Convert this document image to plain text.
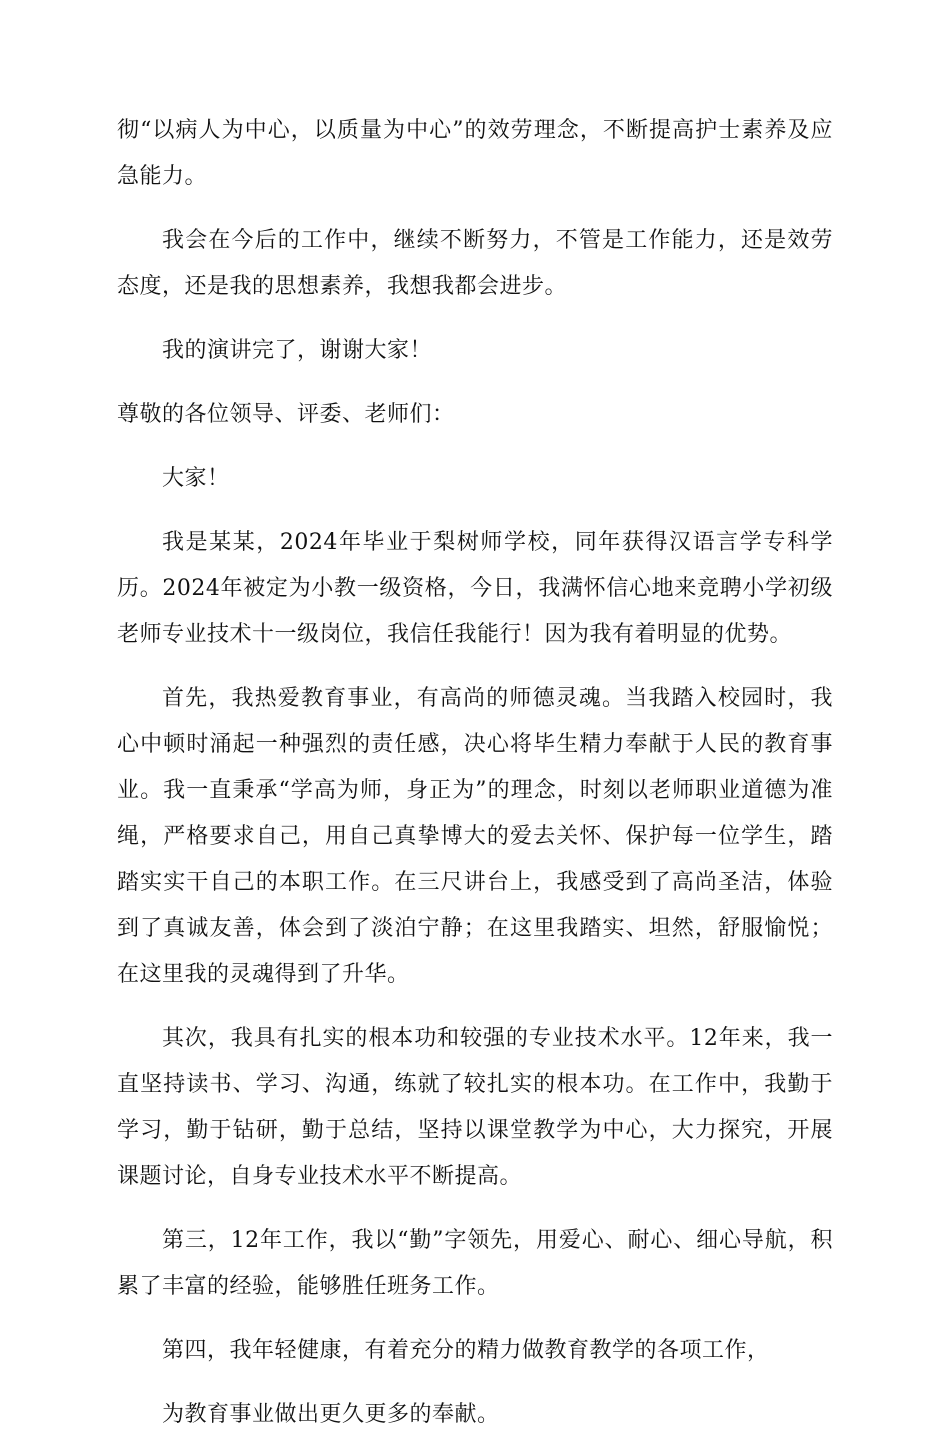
彻“以病人为中心，以质量为中心”的效劳理念，不断提高护士素养及应急能力。

我会在今后的工作中，继续不断努力，不管是工作能力，还是效劳态度，还是我的思想素养，我想我都会进步。

我的演讲完了，谢谢大家！

尊敬的各位领导、评委、老师们：

大家！

我是某某，2024年毕业于梨树师学校，同年获得汉语言学专科学历。2024年被定为小教一级资格，今日，我满怀信心地来竞聘小学初级老师专业技术十一级岗位，我信任我能行！因为我有着明显的优势。

首先，我热爱教育事业，有高尚的师德灵魂。当我踏入校园时，我心中顿时涌起一种强烈的责任感，决心将毕生精力奉献于人民的教育事业。我一直秉承“学高为师，身正为”的理念，时刻以老师职业道德为准绳，严格要求自己，用自己真挚博大的爱去关怀、保护每一位学生，踏踏实实干自己的本职工作。在三尺讲台上，我感受到了高尚圣洁，体验到了真诚友善，体会到了淡泊宁静；在这里我踏实、坦然，舒服愉悦；在这里我的灵魂得到了升华。

其次，我具有扎实的根本功和较强的专业技术水平。12年来，我一直坚持读书、学习、沟通，练就了较扎实的根本功。在工作中，我勤于学习，勤于钻研，勤于总结，坚持以课堂教学为中心，大力探究，开展课题讨论，自身专业技术水平不断提高。

第三，12年工作，我以“勤”字领先，用爱心、耐心、细心导航，积累了丰富的经验，能够胜任班务工作。

第四，我年轻健康，有着充分的精力做教育教学的各项工作，

为教育事业做出更久更多的奉献。
